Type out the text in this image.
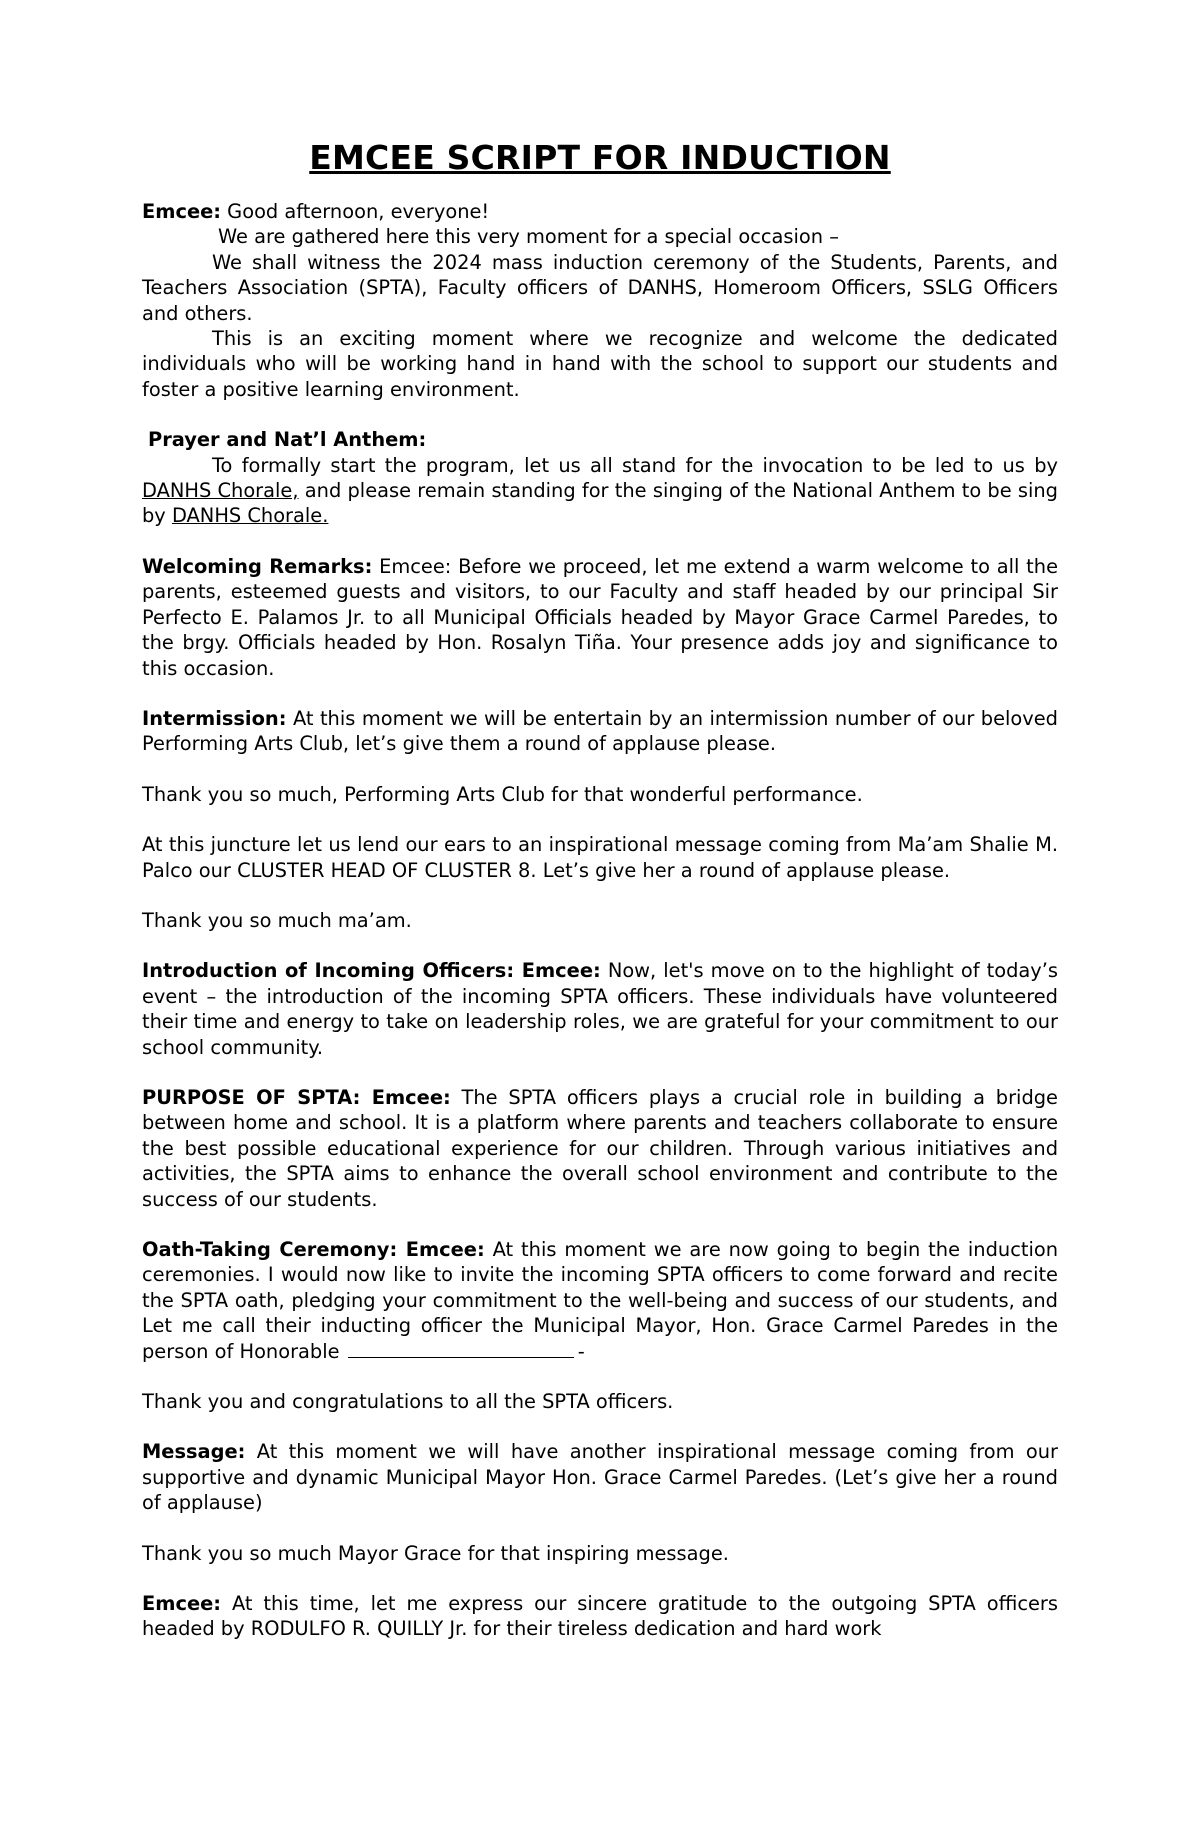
EMCEE SCRIPT FOR INDUCTION

Emcee: Good afternoon, everyone!

We are gathered here this very moment for a special occasion –

We shall witness the 2024 mass induction ceremony of the Students, Parents, and Teachers Association (SPTA), Faculty officers of DANHS, Homeroom Officers, SSLG Officers and others.

This is an exciting moment where we recognize and welcome the dedicated individuals who will be working hand in hand with the school to support our students and foster a positive learning environment.

Prayer and Nat’l Anthem:

To formally start the program, let us all stand for the invocation to be led to us by DANHS Chorale, and please remain standing for the singing of the National Anthem to be sing by DANHS Chorale.

Welcoming Remarks: Emcee: Before we proceed, let me extend a warm welcome to all the parents, esteemed guests and visitors, to our Faculty and staff headed by our principal Sir Perfecto E. Palamos Jr. to all Municipal Officials headed by Mayor Grace Carmel Paredes, to the brgy. Officials headed by Hon. Rosalyn Tiña. Your presence adds joy and significance to this occasion.

Intermission: At this moment we will be entertain by an intermission number of our beloved Performing Arts Club, let’s give them a round of applause please.

Thank you so much, Performing Arts Club for that wonderful performance.

At this juncture let us lend our ears to an inspirational message coming from Ma’am Shalie M. Palco our CLUSTER HEAD OF CLUSTER 8. Let’s give her a round of applause please.

Thank you so much ma’am.

Introduction of Incoming Officers: Emcee: Now, let's move on to the highlight of today’s event – the introduction of the incoming SPTA officers. These individuals have volunteered their time and energy to take on leadership roles, we are grateful for your commitment to our school community.

PURPOSE OF SPTA: Emcee: The SPTA officers plays a crucial role in building a bridge between home and school. It is a platform where parents and teachers collaborate to ensure the best possible educational experience for our children. Through various initiatives and activities, the SPTA aims to enhance the overall school environment and contribute to the success of our students.

Oath-Taking Ceremony: Emcee: At this moment we are now going to begin the induction ceremonies. I would now like to invite the incoming SPTA officers to come forward and recite the SPTA oath, pledging your commitment to the well-being and success of our students, and Let me call their inducting officer the Municipal Mayor, Hon. Grace Carmel Paredes in the person of Honorable	-

Thank you and congratulations to all the SPTA officers.

Message: At this moment we will have another inspirational message coming from our supportive and dynamic Municipal Mayor Hon. Grace Carmel Paredes. (Let’s give her a round of applause)

Thank you so much Mayor Grace for that inspiring message.

Emcee: At this time, let me express our sincere gratitude to the outgoing SPTA officers headed by RODULFO R. QUILLY Jr. for their tireless dedication and hard work
